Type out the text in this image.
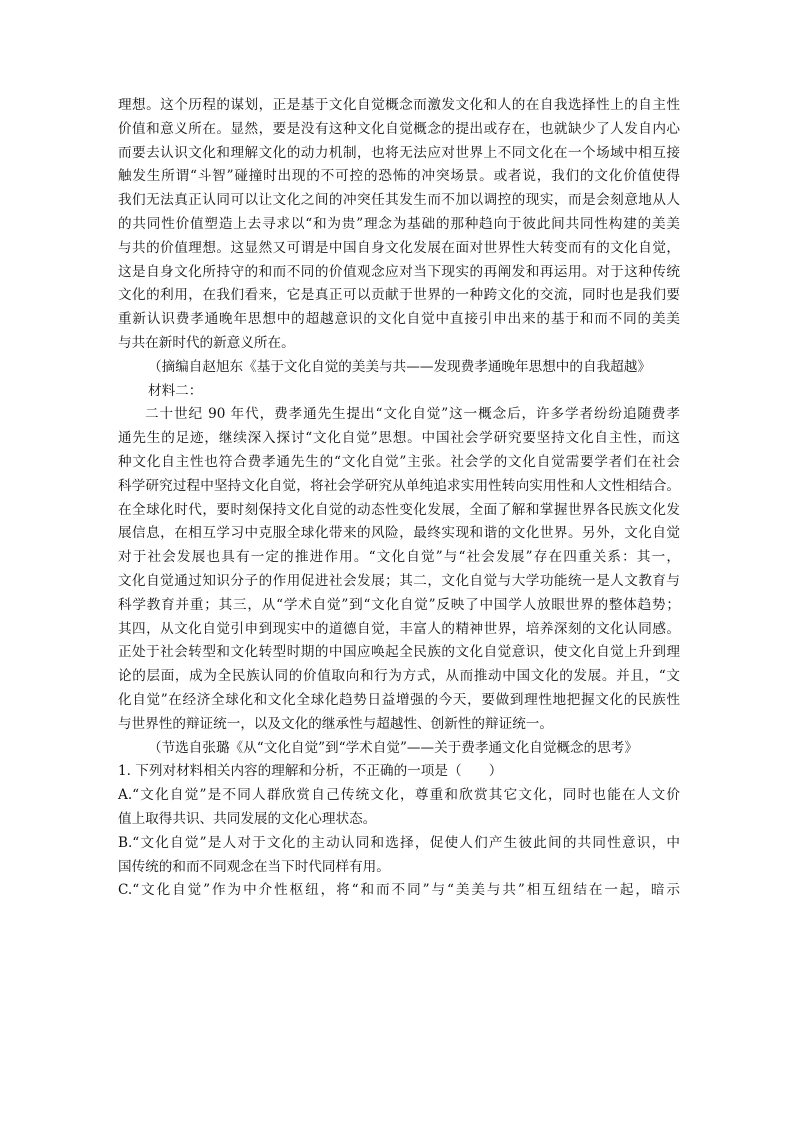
理想。这个历程的谋划，正是基于文化自觉概念而激发文化和人的在自我选择性上的自主性
价值和意义所在。显然，要是没有这种文化自觉概念的提出或存在，也就缺少了人发自内心
而要去认识文化和理解文化的动力机制，也将无法应对世界上不同文化在一个场域中相互接
触发生所谓“斗智”碰撞时出现的不可控的恐怖的冲突场景。或者说，我们的文化价值使得
我们无法真正认同可以让文化之间的冲突任其发生而不加以调控的现实，而是会刻意地从人
的共同性价值塑造上去寻求以“和为贵”理念为基础的那种趋向于彼此间共同性构建的美美
与共的价值理想。这显然又可谓是中国自身文化发展在面对世界性大转变而有的文化自觉，
这是自身文化所持守的和而不同的价值观念应对当下现实的再阐发和再运用。对于这种传统
文化的利用，在我们看来，它是真正可以贡献于世界的一种跨文化的交流，同时也是我们要
重新认识费孝通晚年思想中的超越意识的文化自觉中直接引申出来的基于和而不同的美美
与共在新时代的新意义所在。
（摘编自赵旭东《基于文化自觉的美美与共——发现费孝通晚年思想中的自我超越》
材料二：
二十世纪 90 年代，费孝通先生提出“文化自觉”这一概念后，许多学者纷纷追随费孝
通先生的足迹，继续深入探讨“文化自觉”思想。中国社会学研究要坚持文化自主性，而这
种文化自主性也符合费孝通先生的“文化自觉”主张。社会学的文化自觉需要学者们在社会
科学研究过程中坚持文化自觉，将社会学研究从单纯追求实用性转向实用性和人文性相结合。
在全球化时代，要时刻保持文化自觉的动态性变化发展，全面了解和掌握世界各民族文化发
展信息，在相互学习中克服全球化带来的风险，最终实现和谐的文化世界。另外，文化自觉
对于社会发展也具有一定的推进作用。“文化自觉”与“社会发展”存在四重关系：其一，
文化自觉通过知识分子的作用促进社会发展；其二，文化自觉与大学功能统一是人文教育与
科学教育并重；其三，从“学术自觉”到“文化自觉”反映了中国学人放眼世界的整体趋势；
其四，从文化自觉引申到现实中的道德自觉，丰富人的精神世界，培养深刻的文化认同感。
正处于社会转型和文化转型时期的中国应唤起全民族的文化自觉意识，使文化自觉上升到理
论的层面，成为全民族认同的价值取向和行为方式，从而推动中国文化的发展。并且，“文
化自觉”在经济全球化和文化全球化趋势日益增强的今天，要做到理性地把握文化的民族性
与世界性的辩证统一，以及文化的继承性与超越性、创新性的辩证统一。
（节选自张璐《从“文化自觉”到“学术自觉”——关于费孝通文化自觉概念的思考》
1. 下列对材料相关内容的理解和分析，不正确的一项是（　　）
A.“文化自觉”是不同人群欣赏自己传统文化，尊重和欣赏其它文化，同时也能在人文价
值上取得共识、共同发展的文化心理状态。
B.“文化自觉”是人对于文化的主动认同和选择，促使人们产生彼此间的共同性意识，中
国传统的和而不同观念在当下时代同样有用。
C.“文化自觉”作为中介性枢纽，将“和而不同”与“美美与共”相互纽结在一起，暗示
